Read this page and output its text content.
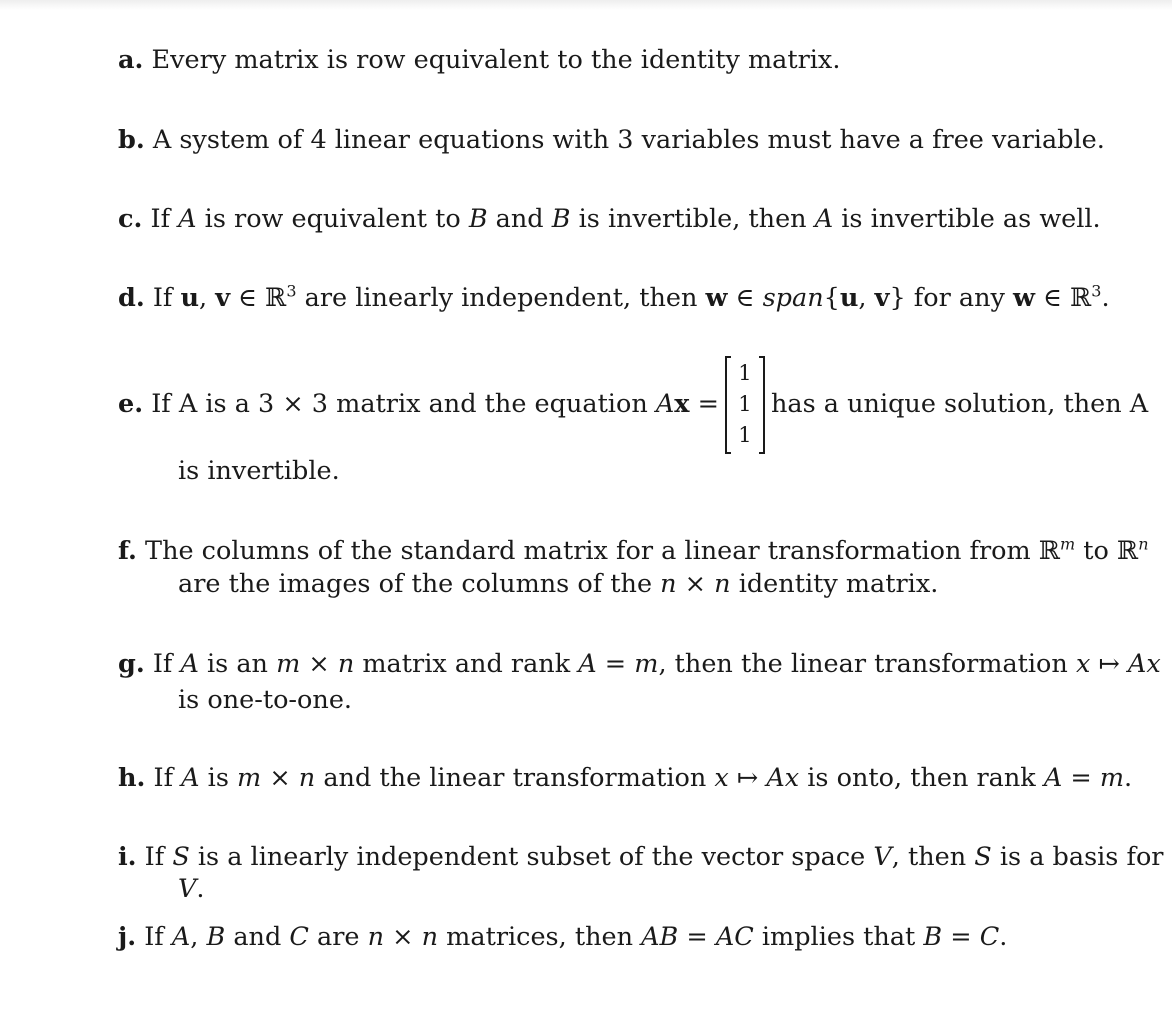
a. Every matrix is row equivalent to the identity matrix.
b. A system of 4 linear equations with 3 variables must have a free variable.
c. If A is row equivalent to B and B is invertible, then A is invertible as well.
d. If u, v ∈ ℝ$^3$ are linearly independent, then w ∈ span{u, v} for any w ∈ ℝ$^3$.
e. If A is a 3 × 3 matrix and the equation Ax =
1
1
1
has a unique solution, then A
is invertible.
f. The columns of the standard matrix for a linear transformation from ℝ$^m$ to ℝ$^n$
are the images of the columns of the n × n identity matrix.
g. If A is an m × n matrix and rank A = m, then the linear transformation x ↦ Ax
is one-to-one.
h. If A is m × n and the linear transformation x ↦ Ax is onto, then rank A = m.
i. If S is a linearly independent subset of the vector space V, then S is a basis for
V.
j. If A, B and C are n × n matrices, then AB = AC implies that B = C.
